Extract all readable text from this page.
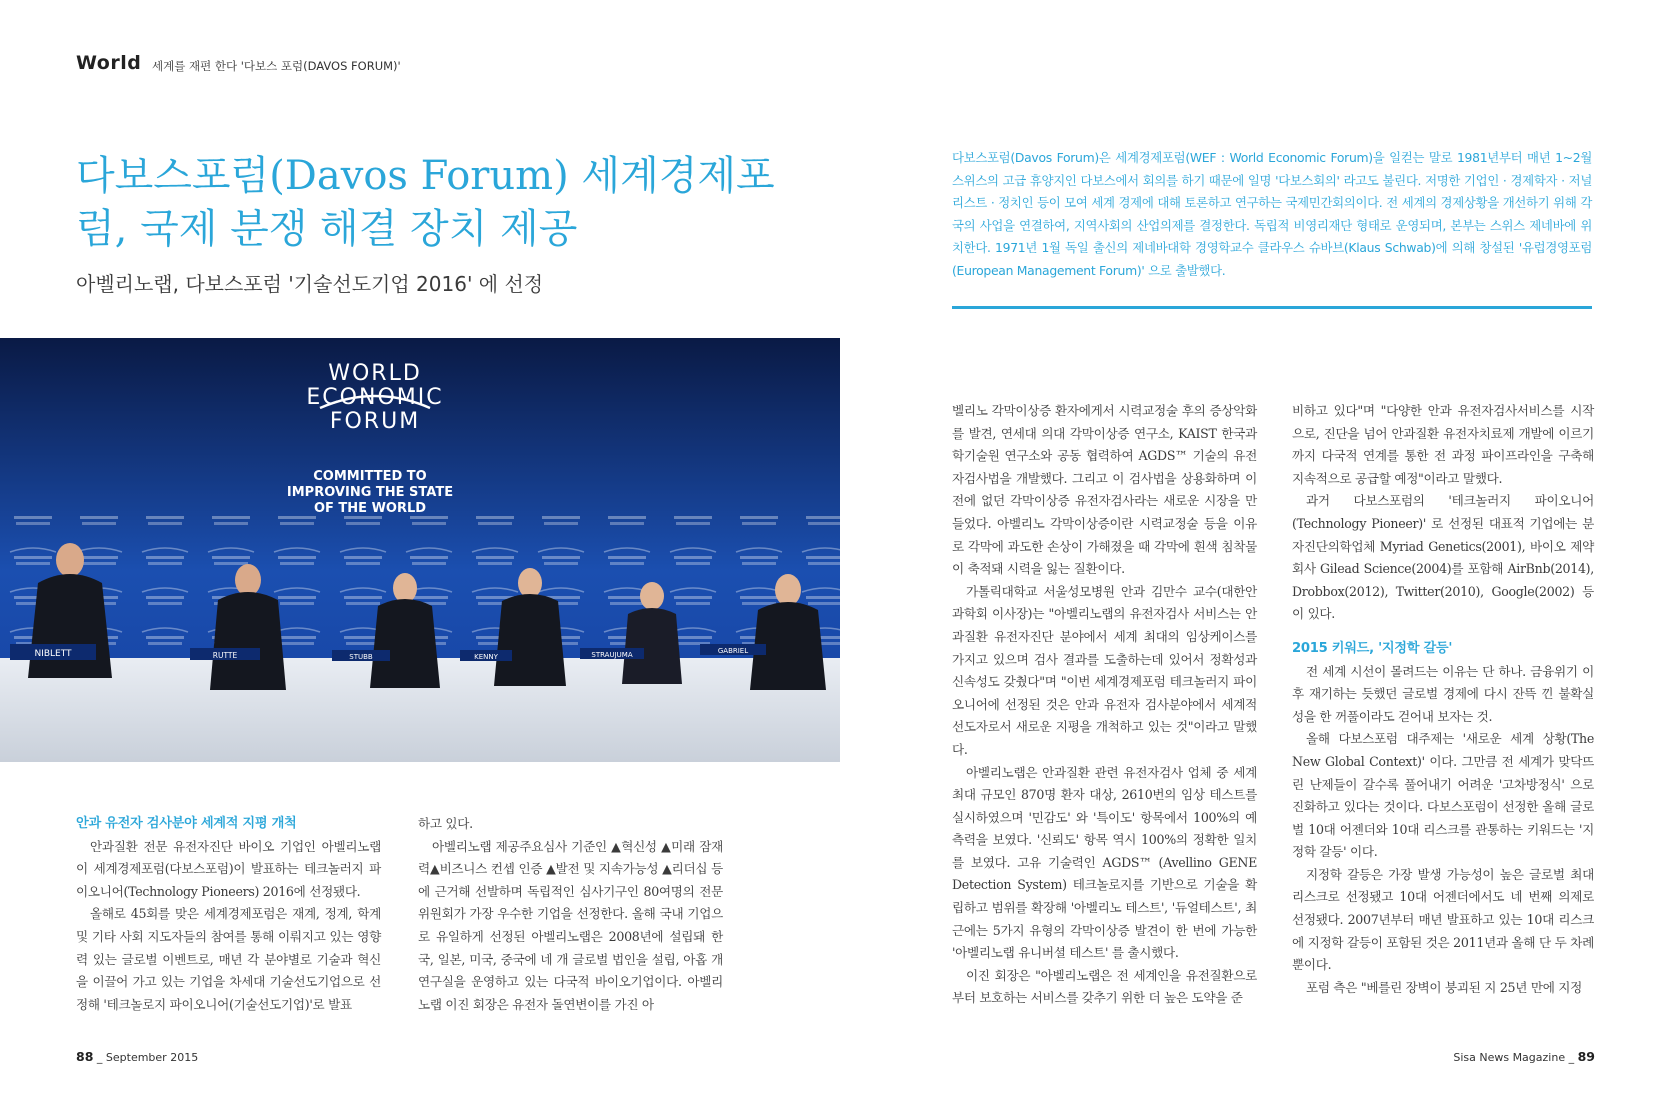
World 세계를 재편 한다 '다보스 포럼(DAVOS FORUM)'
다보스포럼(Davos Forum) 세계경제포럼, 국제 분쟁 해결 장치 제공
아벨리노랩, 다보스포럼 '기술선도기업 2016' 에 선정
다보스포럼(Davos Forum)은 세계경제포럼(WEF : World Economic Forum)을 일컫는 말로 1981년부터 매년 1~2월 스위스의 고급 휴양지인 다보스에서 회의를 하기 때문에 일명 '다보스회의' 라고도 불린다. 저명한 기업인 · 경제학자 · 저널리스트 · 정치인 등이 모여 세계 경제에 대해 토론하고 연구하는 국제민간회의이다. 전 세계의 경제상황을 개선하기 위해 각국의 사업을 연결하여, 지역사회의 산업의제를 결정한다. 독립적 비영리재단 형태로 운영되며, 본부는 스위스 제네바에 위치한다. 1971년 1월 독일 출신의 제네바대학 경영학교수 클라우스 슈바브(Klaus Schwab)에 의해 창설된 '유럽경영포럼(European Management Forum)' 으로 출발했다.
WORLD
ECONOMIC
FORUM
COMMITTED TO
IMPROVING THE STATE
OF THE WORLD
NIBLETT	RUTTE	STUBB	KENNY	STRAUJUMA	GABRIEL
안과 유전자 검사분야 세계적 지평 개척

안과질환 전문 유전자진단 바이오 기업인 아벨리노랩이 세계경제포럼(다보스포럼)이 발표하는 테크놀러지 파이오니어(Technology Pioneers) 2016에 선정됐다.

올해로 45회를 맞은 세계경제포럼은 재계, 정계, 학계 및 기타 사회 지도자들의 참여를 통해 이뤄지고 있는 영향력 있는 글로벌 이벤트로, 매년 각 분야별로 기술과 혁신을 이끌어 가고 있는 기업을 차세대 기술선도기업으로 선정해 '테크놀로지 파이오니어(기술선도기업)'로 발표

하고 있다.

아벨리노랩 제공주요심사 기준인 ▲혁신성 ▲미래 잠재력▲비즈니스 컨셉 인증 ▲발전 및 지속가능성 ▲리더십 등에 근거해 선발하며 독립적인 심사기구인 80여명의 전문위원회가 가장 우수한 기업을 선정한다. 올해 국내 기업으로 유일하게 선정된 아벨리노랩은 2008년에 설립돼 한국, 일본, 미국, 중국에 네 개 글로벌 법인을 설립, 아홉 개 연구실을 운영하고 있는 다국적 바이오기업이다. 아벨리노랩 이진 회장은 유전자 돌연변이를 가진 아

벨리노 각막이상증 환자에게서 시력교정술 후의 증상악화를 발견, 연세대 의대 각막이상증 연구소, KAIST 한국과학기술원 연구소와 공동 협력하여 AGDS™ 기술의 유전자검사법을 개발했다. 그리고 이 검사법을 상용화하며 이전에 없던 각막이상증 유전자검사라는 새로운 시장을 만들었다. 아벨리노 각막이상증이란 시력교정술 등을 이유로 각막에 과도한 손상이 가해졌을 때 각막에 흰색 침착물이 축적돼 시력을 잃는 질환이다.

가톨릭대학교 서울성모병원 안과 김만수 교수(대한안과학회 이사장)는 "아벨리노랩의 유전자검사 서비스는 안과질환 유전자진단 분야에서 세계 최대의 임상케이스를 가지고 있으며 검사 결과를 도출하는데 있어서 정확성과 신속성도 갖췄다"며 "이번 세계경제포럼 테크놀러지 파이오니어에 선정된 것은 안과 유전자 검사분야에서 세계적 선도자로서 새로운 지평을 개척하고 있는 것"이라고 말했다.

아벨리노랩은 안과질환 관련 유전자검사 업체 중 세계 최대 규모인 870명 환자 대상, 2610번의 임상 테스트를 실시하였으며 '민감도' 와 '특이도' 항목에서 100%의 예측력을 보였다. '신뢰도' 항목 역시 100%의 정확한 일치를 보였다. 고유 기술력인 AGDS™ (Avellino GENE Detection System) 테크놀로지를 기반으로 기술을 확립하고 범위를 확장해 '아벨리노 테스트', '듀얼테스트', 최근에는 5가지 유형의 각막이상증 발견이 한 번에 가능한 '아벨리노랩 유니버셜 테스트' 를 출시했다.

이진 회장은 "아벨리노랩은 전 세계인을 유전질환으로부터 보호하는 서비스를 갖추기 위한 더 높은 도약을 준

비하고 있다"며 "다양한 안과 유전자검사서비스를 시작으로, 진단을 넘어 안과질환 유전자치료제 개발에 이르기까지 다국적 연계를 통한 전 과정 파이프라인을 구축해 지속적으로 공급할 예정"이라고 말했다.

과거 다보스포럼의 '테크놀러지 파이오니어(Technology Pioneer)' 로 선정된 대표적 기업에는 분자진단의학업체 Myriad Genetics(2001), 바이오 제약회사 Gilead Science(2004)를 포함해 AirBnb(2014), Drobbox(2012), Twitter(2010), Google(2002) 등이 있다.

2015 키워드, '지정학 갈등'

전 세계 시선이 몰려드는 이유는 단 하나. 금융위기 이후 재기하는 듯했던 글로벌 경제에 다시 잔뜩 낀 불확실성을 한 꺼풀이라도 걷어내 보자는 것.

올해 다보스포럼 대주제는 '새로운 세계 상황(The New Global Context)' 이다. 그만큼 전 세계가 맞닥뜨린 난제들이 갈수록 풀어내기 어려운 '고차방정식' 으로 진화하고 있다는 것이다. 다보스포럼이 선정한 올해 글로벌 10대 어젠더와 10대 리스크를 관통하는 키워드는 '지정학 갈등' 이다.

지정학 갈등은 가장 발생 가능성이 높은 글로벌 최대 리스크로 선정됐고 10대 어젠더에서도 네 번째 의제로 선정됐다. 2007년부터 매년 발표하고 있는 10대 리스크에 지정학 갈등이 포함된 것은 2011년과 올해 단 두 차례 뿐이다.

포럼 측은 "베를린 장벽이 붕괴된 지 25년 만에 지정

88 _ September 2015	Sisa News Magazine _ 89
